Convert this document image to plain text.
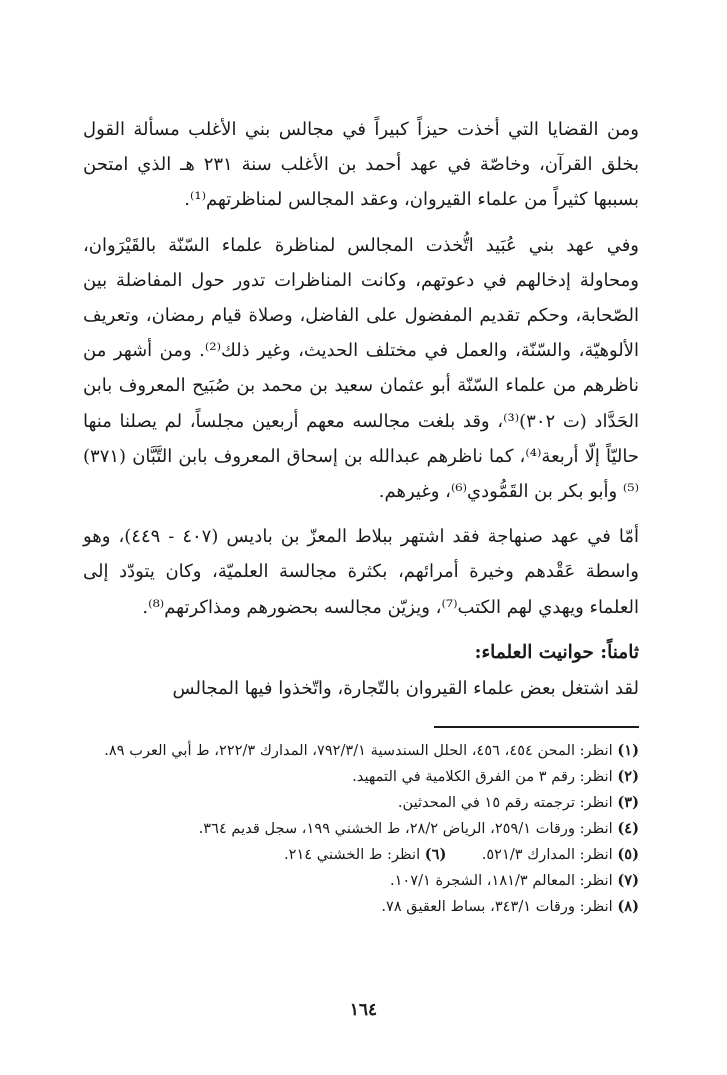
ومن القضايا التي أخذت حيزاً كبيراً في مجالس بني الأغلب مسألة القول بخلق القرآن، وخاصّة في عهد أحمد بن الأغلب سنة ٢٣١ هـ الذي امتحن بسببها كثيراً من علماء القيروان، وعقد المجالس لمناظرتهم⁽¹⁾.

وفي عهد بني عُبَيد اتُّخذت المجالس لمناظرة علماء السّنّة بالقَيْرَوان، ومحاولة إدخالهم في دعوتهم، وكانت المناظرات تدور حول المفاضلة بين الصّحابة، وحكم تقديم المفضول على الفاضل، وصلاة قيام رمضان، وتعريف الألوهيّة، والسّنّة، والعمل في مختلف الحديث، وغير ذلك⁽²⁾. ومن أشهر من ناظرهم من علماء السّنّة أبو عثمان سعيد بن محمد بن صُبَيح المعروف بابن الحَدَّاد (ت ٣٠٢)⁽³⁾، وقد بلغت مجالسه معهم أربعين مجلساً، لم يصلنا منها حاليّاً إلّا أربعة⁽⁴⁾، كما ناظرهم عبدالله بن إسحاق المعروف بابن التَّبَّان (٣٧١)⁽⁵⁾ وأبو بكر بن القَمُّودي⁽⁶⁾، وغيرهم.

أمّا في عهد صنهاجة فقد اشتهر ببلاط المعزّ بن باديس (٤٠٧ - ٤٤٩)، وهو واسطة عَقْدهم وخيرة أمرائهم، بكثرة مجالسة العلميّة، وكان يتودّد إلى العلماء ويهدي لهم الكتب⁽⁷⁾، ويزيّن مجالسه بحضورهم ومذاكرتهم⁽⁸⁾.

ثامناً: حوانيت العلماء:

لقد اشتغل بعض علماء القيروان بالتّجارة، واتّخذوا فيها المجالس

(١) انظر: المحن ٤٥٤، ٤٥٦، الحلل السندسية ٧٩٢/٣/١، المدارك ٢٢٢/٣، ط أبي العرب ٨٩.

(٢) انظر: رقم ٣ من الفرق الكلامية في التمهيد.

(٣) انظر: ترجمته رقم ١٥ في المحدثين.

(٤) انظر: ورقات ٢٥٩/١، الرياض ٢٨/٢، ط الخشني ١٩٩، سجل قديم ٣٦٤.

(٥) انظر: المدارك ٥٢١/٣.  (٦) انظر: ط الخشني ٢١٤.

(٧) انظر: المعالم ١٨١/٣، الشجرة ١٠٧/١.

(٨) انظر: ورقات ٣٤٣/١، بساط العقيق ٧٨.

١٦٤
